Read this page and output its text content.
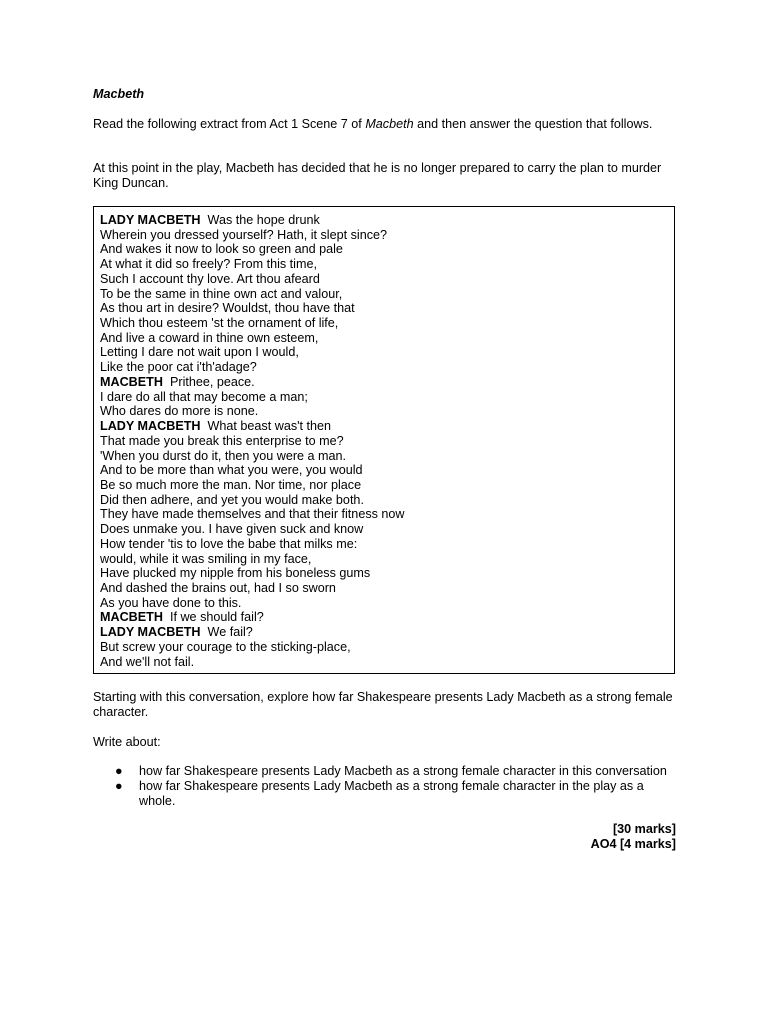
Macbeth
Read the following extract from Act 1 Scene 7 of Macbeth and then answer the question that follows.
At this point in the play, Macbeth has decided that he is no longer prepared to carry the plan to murder King Duncan.
LADY MACBETH Was the hope drunk
Wherein you dressed yourself? Hath, it slept since?
And wakes it now to look so green and pale
At what it did so freely? From this time,
Such I account thy love. Art thou afeard
To be the same in thine own act and valour,
As thou art in desire? Wouldst, thou have that
Which thou esteem 'st the ornament of life,
And live a coward in thine own esteem,
Letting I dare not wait upon I would,
Like the poor cat i'th'adage?
MACBETH Prithee, peace.
I dare do all that may become a man;
Who dares do more is none.
LADY MACBETH What beast was't then
That made you break this enterprise to me?
'When you durst do it, then you were a man.
And to be more than what you were, you would
Be so much more the man. Nor time, nor place
Did then adhere, and yet you would make both.
They have made themselves and that their fitness now
Does unmake you. I have given suck and know
How tender 'tis to love the babe that milks me:
would, while it was smiling in my face,
Have plucked my nipple from his boneless gums
And dashed the brains out, had I so sworn
As you have done to this.
MACBETH If we should fail?
LADY MACBETH We fail?
But screw your courage to the sticking-place,
And we'll not fail.
Starting with this conversation, explore how far Shakespeare presents Lady Macbeth as a strong female character.
Write about:
● how far Shakespeare presents Lady Macbeth as a strong female character in this conversation
● how far Shakespeare presents Lady Macbeth as a strong female character in the play as a whole.
[30 marks]
AO4 [4 marks]
